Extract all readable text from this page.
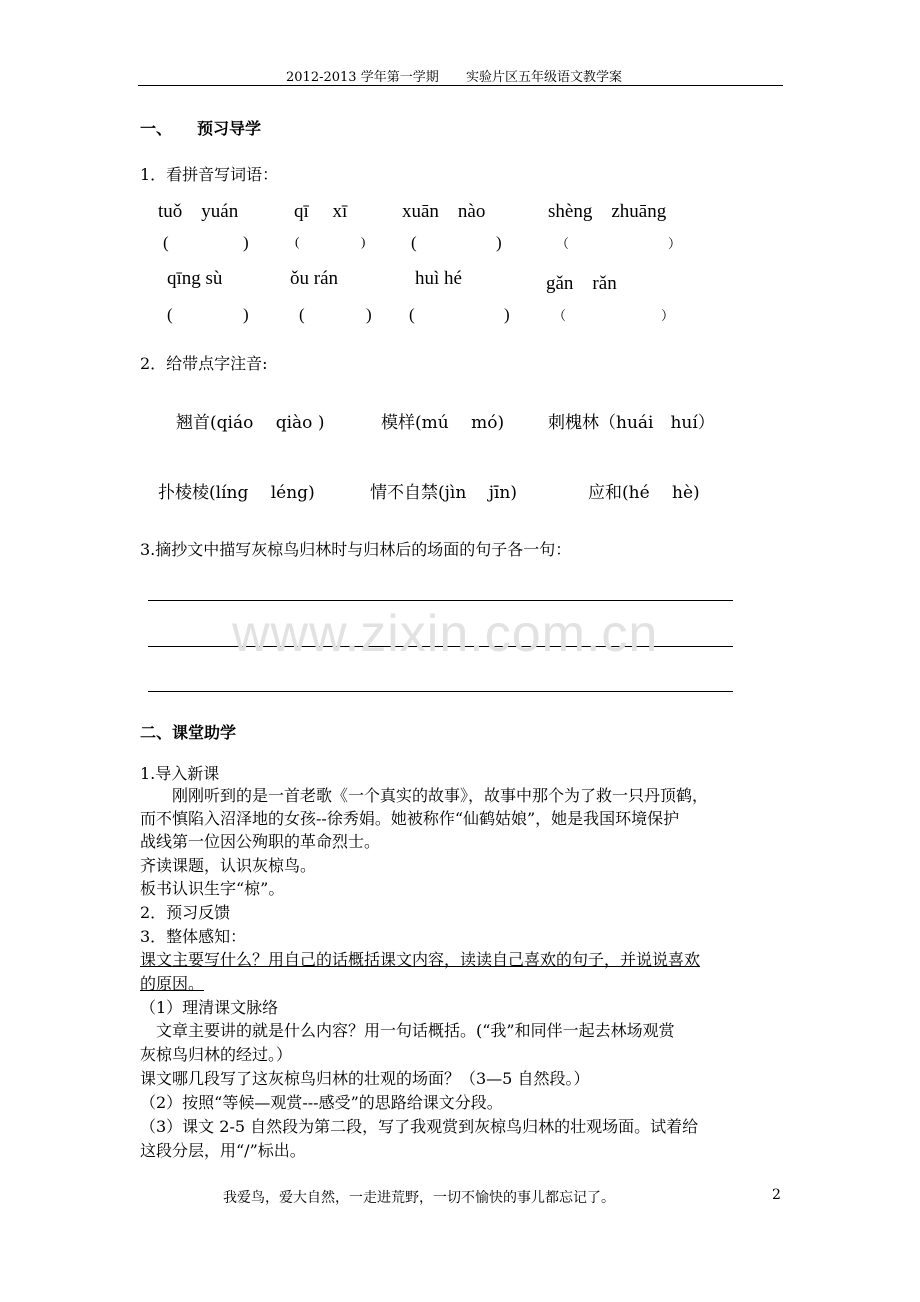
2012-2013 学年第一学期 实验片区五年级语文教学案
一、 预习导学
1．看拼音写词语：
tuǒ　yuán	qī　 xī	xuān　nào	shèng　zhuāng
(	)	(	)	(	)	（	）
qīng sù	ǒu rán	huì hé	gǎn　rǎn
(	)	(	) (	)	（	）
2．给带点字注音:
翘首(qiáo　 qiào )	模样(mú　 mó)	刺槐林（huái　huí）
扑棱棱(líng　 léng)	情不自禁(jìn　 jīn)	应和(hé　 hè)
3.摘抄文中描写灰椋鸟归林时与归林后的场面的句子各一句：
www.zixin.com.cn
二、课堂助学
1.导入新课
刚刚听到的是一首老歌《一个真实的故事》，故事中那个为了救一只丹顶鹤，
而不慎陷入沼泽地的女孩--徐秀娟。她被称作“仙鹤姑娘”，她是我国环境保护
战线第一位因公殉职的革命烈士。
齐读课题，认识灰椋鸟。
板书认识生字“椋”。
2．预习反馈
3．整体感知：
课文主要写什么？用自己的话概括课文内容，读读自己喜欢的句子，并说说喜欢
的原因。
（1）理清课文脉络
文章主要讲的就是什么内容？用一句话概括。(“我”和同伴一起去林场观赏
灰椋鸟归林的经过。）
课文哪几段写了这灰椋鸟归林的壮观的场面？（3—5 自然段。）
（2）按照“等候—观赏---感受”的思路给课文分段。
（3）课文 2-5 自然段为第二段，写了我观赏到灰椋鸟归林的壮观场面。试着给
这段分层，用“/”标出。
我爱鸟，爱大自然，一走进荒野，一切不愉快的事儿都忘记了。	2
